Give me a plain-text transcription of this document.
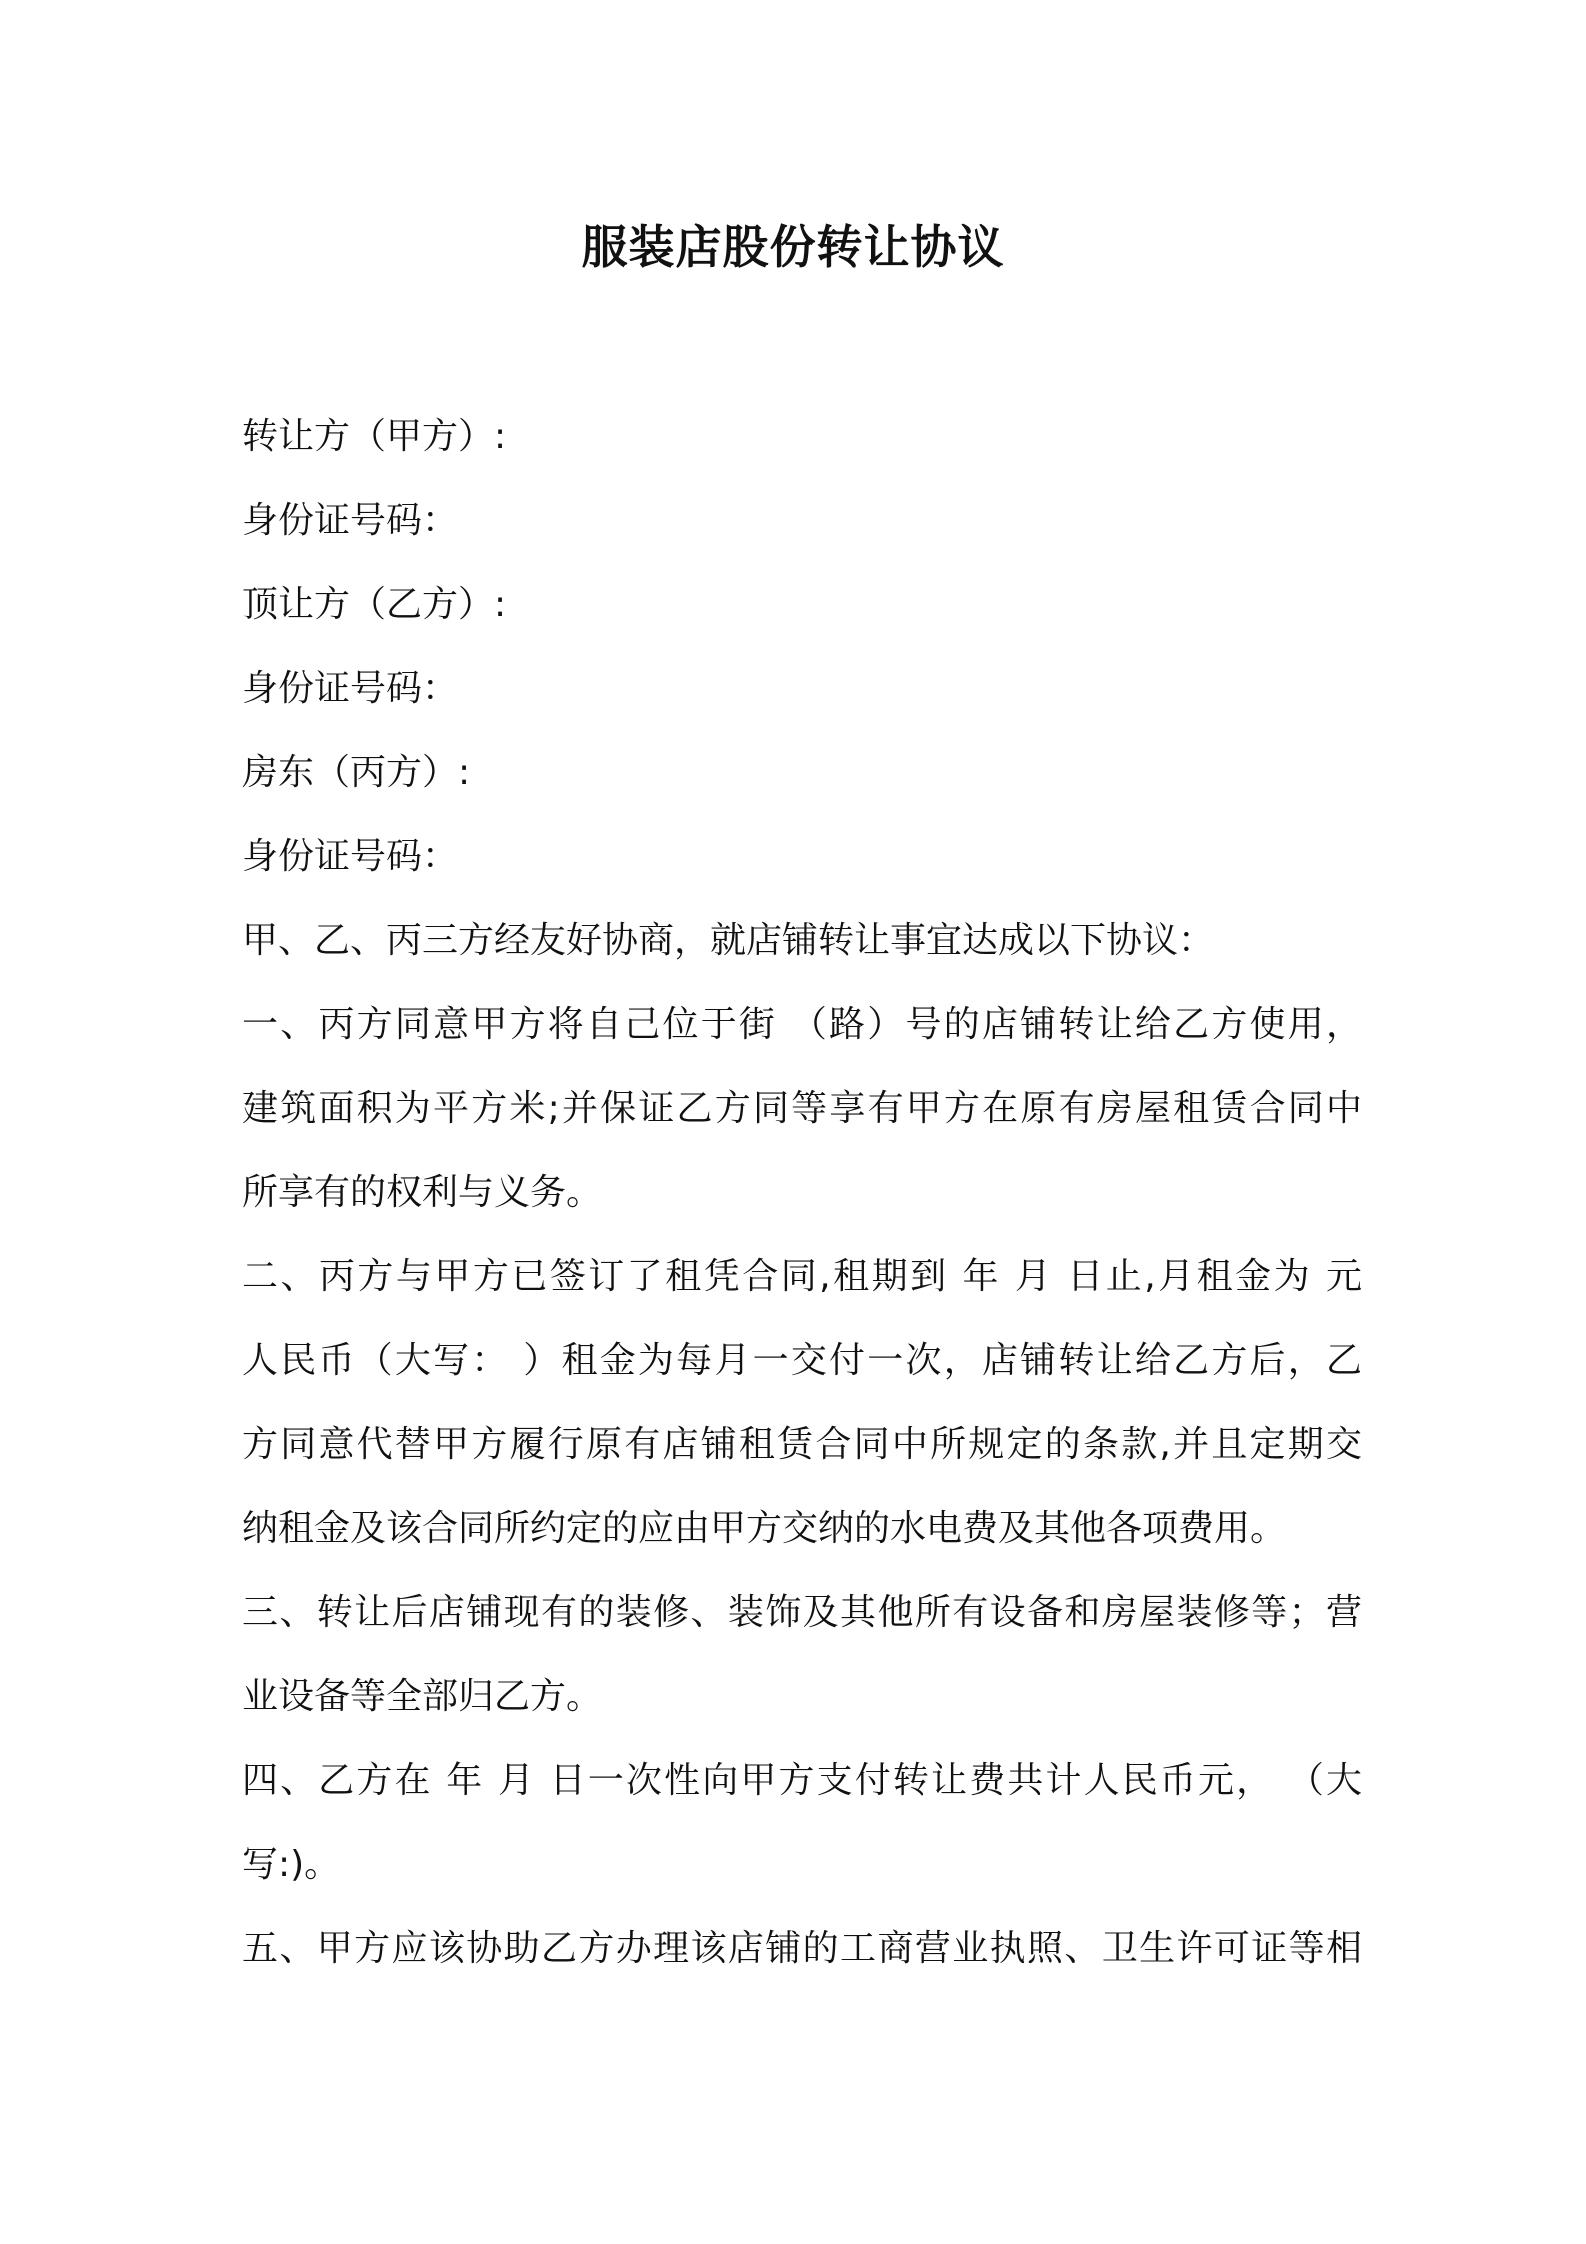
服装店股份转让协议

转让方（甲方）:

身份证号码：

顶让方（乙方）:

身份证号码：

房东（丙方）:

身份证号码：

甲、乙、丙三方经友好协商，就店铺转让事宜达成以下协议：

一、丙方同意甲方将自己位于街 （路）号的店铺转让给乙方使用，

建筑面积为平方米;并保证乙方同等享有甲方在原有房屋租赁合同中

所享有的权利与义务。

二、丙方与甲方已签订了租凭合同,租期到 年 月 日止,月租金为 元

人民币（大写： ）租金为每月一交付一次，店铺转让给乙方后，乙

方同意代替甲方履行原有店铺租赁合同中所规定的条款,并且定期交

纳租金及该合同所约定的应由甲方交纳的水电费及其他各项费用。

三、转让后店铺现有的装修、装饰及其他所有设备和房屋装修等；营

业设备等全部归乙方。

四、乙方在 年 月 日一次性向甲方支付转让费共计人民币元， （大

写:)。

五、甲方应该协助乙方办理该店铺的工商营业执照、卫生许可证等相
